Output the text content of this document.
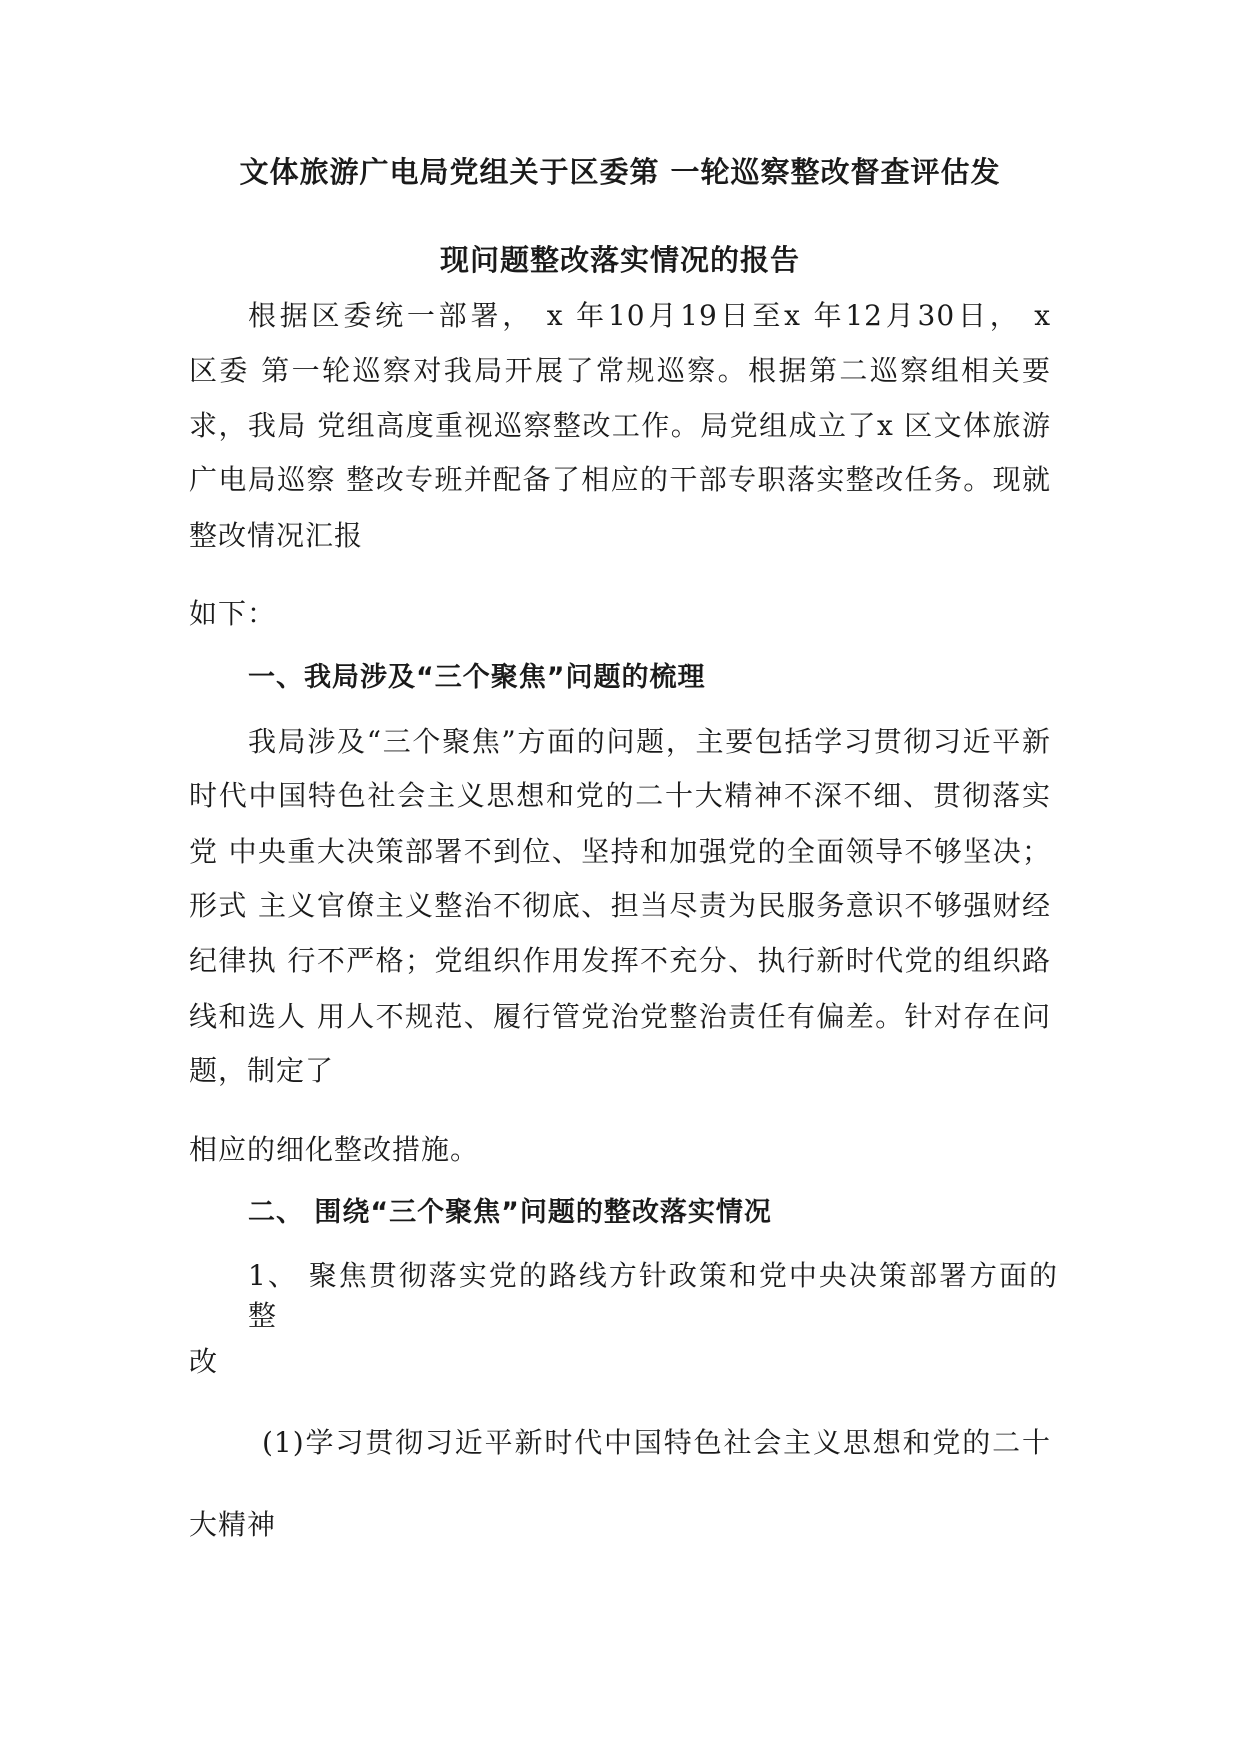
文体旅游广电局党组关于区委第 一轮巡察整改督查评估发
现问题整改落实情况的报告
根据区委统一部署， x 年10月19日至x 年12月30日， x
区委 第一轮巡察对我局开展了常规巡察。根据第二巡察组相关要
求，我局 党组高度重视巡察整改工作。局党组成立了x 区文体旅游
广电局巡察 整改专班并配备了相应的干部专职落实整改任务。现就
整改情况汇报
如下：
一、我局涉及“三个聚焦”问题的梳理
我局涉及“三个聚焦”方面的问题，主要包括学习贯彻习近平新
时代中国特色社会主义思想和党的二十大精神不深不细、贯彻落实
党 中央重大决策部署不到位、坚持和加强党的全面领导不够坚决；
形式 主义官僚主义整治不彻底、担当尽责为民服务意识不够强财经
纪律执 行不严格；党组织作用发挥不充分、执行新时代党的组织路
线和选人 用人不规范、履行管党治党整治责任有偏差。针对存在问
题，制定了
相应的细化整改措施。
二、 围绕“三个聚焦”问题的整改落实情况
1、 聚焦贯彻落实党的路线方针政策和党中央决策部署方面的整
改
(1)学习贯彻习近平新时代中国特色社会主义思想和党的二十
大精神
